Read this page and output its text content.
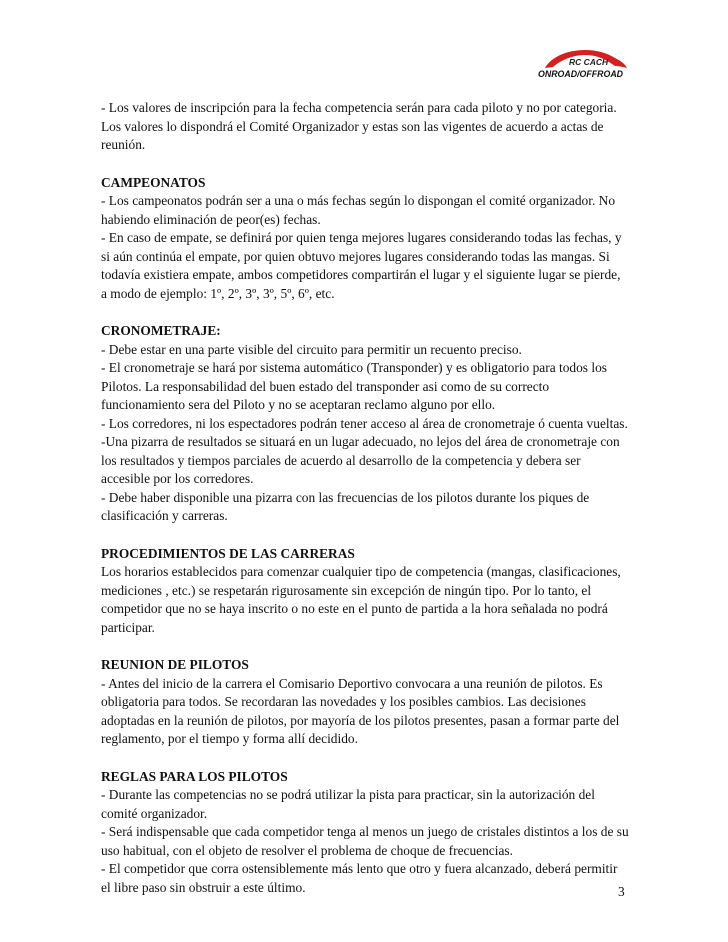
RC CACH
ONROAD/OFFROAD

- Los valores de inscripción para la fecha competencia serán para cada piloto y no por categoria. Los valores lo dispondrá el Comité Organizador y estas son las vigentes de acuerdo a actas de reunión.

CAMPEONATOS

- Los campeonatos podrán ser a una o más fechas según lo dispongan el comité organizador. No habiendo eliminación de peor(es) fechas.

- En caso de empate, se definirá por quien tenga mejores lugares considerando todas las fechas, y si aún continúa el empate, por quien obtuvo mejores lugares considerando todas las mangas. Si todavía existiera empate, ambos competidores compartirán el lugar y el siguiente lugar se pierde, a modo de ejemplo: 1º, 2º, 3º, 3º, 5º, 6º, etc.

CRONOMETRAJE:

- Debe estar en una parte visible del circuito para permitir un recuento preciso.

- El cronometraje se hará por sistema automático (Transponder) y es obligatorio para todos los Pilotos. La responsabilidad del buen estado del transponder asi como de su correcto funcionamiento sera del Piloto y no se aceptaran reclamo alguno por ello.

- Los corredores, ni los espectadores podrán tener acceso al área de cronometraje ó cuenta vueltas.

-Una pizarra de resultados se situará en un lugar adecuado, no lejos del área de cronometraje con los resultados y tiempos parciales de acuerdo al desarrollo de la competencia y debera ser accesible por los corredores.

- Debe haber disponible una pizarra con las frecuencias de los pilotos durante los piques de clasificación y carreras.

PROCEDIMIENTOS DE LAS CARRERAS

Los horarios establecidos para comenzar cualquier tipo de competencia (mangas, clasificaciones, mediciones , etc.) se respetarán rigurosamente sin excepción de ningún tipo. Por lo tanto, el competidor que no se haya inscrito o no este en el punto de partida a la hora señalada no podrá participar.

REUNION DE PILOTOS

- Antes del inicio de la carrera el Comisario Deportivo convocara a una reunión de pilotos. Es obligatoria para todos. Se recordaran las novedades y los posibles cambios. Las decisiones adoptadas en la reunión de pilotos, por mayoría de los pilotos presentes, pasan a formar parte del reglamento, por el tiempo y forma allí decidido.

REGLAS PARA LOS PILOTOS

- Durante las competencias no se podrá utilizar la pista para practicar, sin la autorización del comité organizador.

- Será indispensable que cada competidor tenga al menos un juego de cristales distintos a los de su uso habitual, con el objeto de resolver el problema de choque de frecuencias.

- El competidor que corra ostensiblemente más lento que otro y fuera alcanzado, deberá permitir el libre paso sin obstruir a este último.	3
